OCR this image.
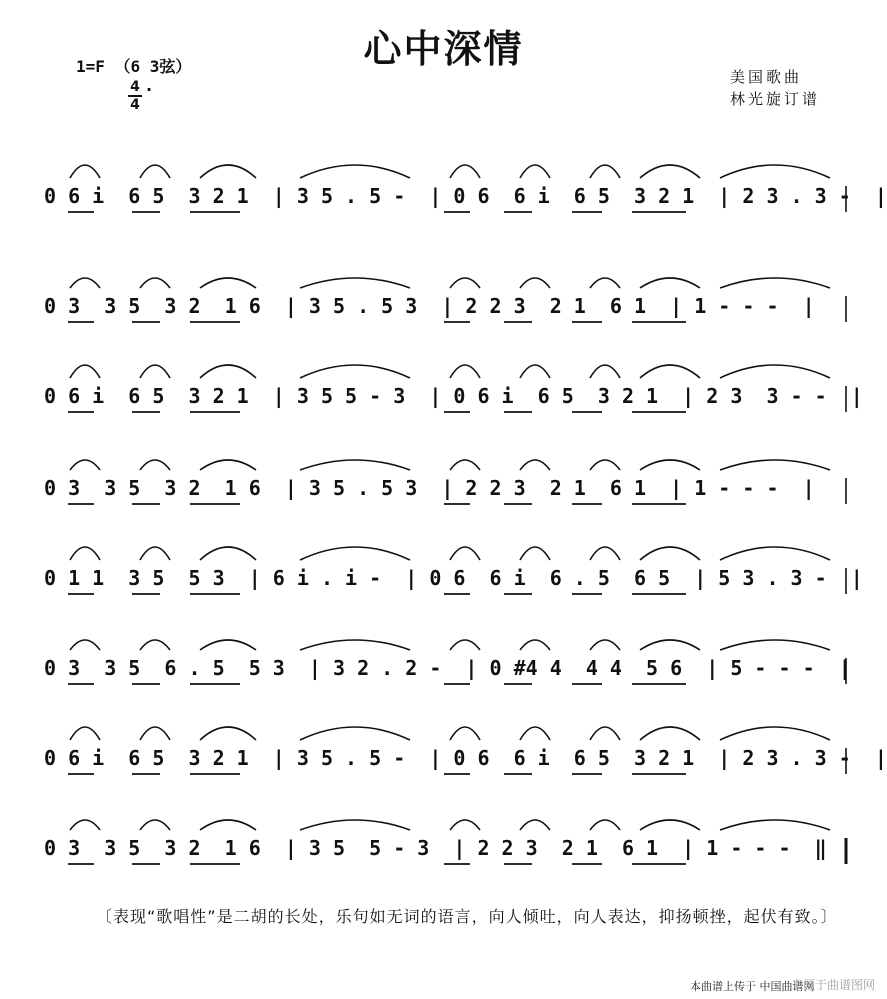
心中深情
1=F （6 3弦）
4
4
·
美国歌曲
林光旋订谱
0 6 i  6 5  3 2 1  | 3 5 . 5 -  | 0 6  6 i  6 5  3 2 1  | 2 3 . 3 -  |
0 3  3 5  3 2  1 6  | 3 5 . 5 3  | 2 2 3  2 1  6 1  | 1 - - -  |
0 6 i  6 5  3 2 1  | 3 5 5 - 3  | 0 6 i  6 5  3 2 1  | 2 3  3 - -  |
0 3  3 5  3 2  1 6  | 3 5 . 5 3  | 2 2 3  2 1  6 1  | 1 - - -  |
0 1 1  3 5  5 3  | 6 i . i -  | 0 6  6 i  6 . 5  6 5  | 5 3 . 3 -  |
0 3  3 5  6 . 5  5 3  | 3 2 . 2 -  | 0 #4 4  4 4  5 6  | 5 - - -  |
0 6 i  6 5  3 2 1  | 3 5 . 5 -  | 0 6  6 i  6 5  3 2 1  | 2 3 . 3 -  |
0 3  3 5  3 2  1 6  | 3 5  5 - 3  | 2 2 3  2 1  6 1  | 1 - - -  ‖
〔表现“歌唱性”是二胡的长处，乐句如无词的语言，向人倾吐，向人表达，抑扬顿挫，起伏有致。〕
本曲谱上传于 中国曲谱网
来源于曲谱图网
